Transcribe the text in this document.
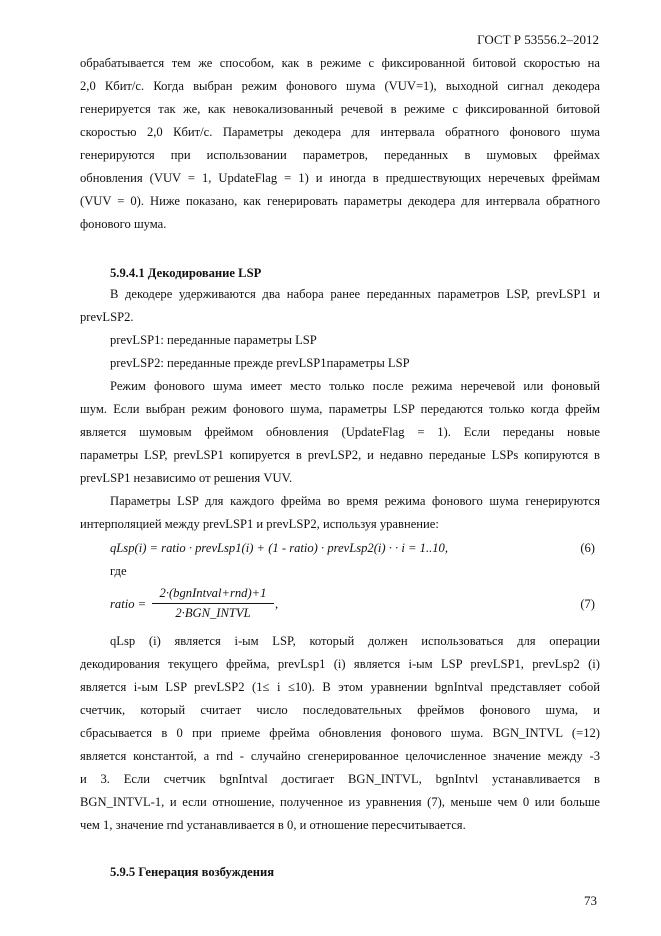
ГОСТ Р 53556.2–2012
обрабатывается тем же способом, как в режиме с фиксированной битовой скоростью на
2,0 Кбит/с. Когда выбран режим фонового шума (VUV=1), выходной сигнал декодера
генерируется так же, как невокализованный речевой в режиме с фиксированной битовой
скоростью 2,0 Кбит/с. Параметры декодера для интервала обратного фонового шума
генерируются при использовании параметров, переданных в шумовых фреймах
обновления (VUV = 1, UpdateFlag = 1) и иногда в предшествующих неречевых фреймам
(VUV = 0). Ниже показано, как генерировать параметры декодера для интервала обратного
фонового шума.
5.9.4.1 Декодирование LSP
В декодере удерживаются два набора ранее переданных параметров LSP, prevLSP1 и
prevLSP2.
prevLSP1: переданные параметры LSP
prevLSP2: переданные прежде prevLSP1параметры LSP
Режим фонового шума имеет место только после режима неречевой или фоновый
шум. Если выбран режим фонового шума, параметры LSP передаются только когда фрейм
является шумовым фреймом обновления (UpdateFlag = 1). Если переданы новые
параметры LSP, prevLSP1 копируется в prevLSP2, и недавно переданые LSPs копируются в
prevLSP1 независимо от решения VUV.
Параметры LSP для каждого фрейма во время режима фонового шума генерируются
интерполяцией между prevLSP1 и prevLSP2, используя уравнение:
qLsp(i) = ratio · prevLsp1(i) + (1 - ratio) · prevLsp2(i) · · i = 1..10,	(6)
где
ratio =
2·(bgnIntval+rnd)+1
2·BGN_INTVL
,	(7)
qLsp (i) является i-ым LSP, который должен использоваться для операции
декодирования текущего фрейма, prevLsp1 (i) является i-ым LSP prevLSP1, prevLsp2 (i)
является i-ым LSP prevLSP2 (1≤ i ≤10). В этом уравнении bgnIntval представляет собой
счетчик, который считает число последовательных фреймов фонового шума, и
сбрасывается в 0 при приеме фрейма обновления фонового шума. BGN_INTVL (=12)
является константой, а rnd - случайно сгенерированное целочисленное значение между -3
и 3. Если счетчик bgnIntval достигает BGN_INTVL, bgnIntvl устанавливается в
BGN_INTVL-1, и если отношение, полученное из уравнения (7), меньше чем 0 или больше
чем 1, значение rnd устанавливается в 0, и отношение пересчитывается.
5.9.5 Генерация возбуждения
73
